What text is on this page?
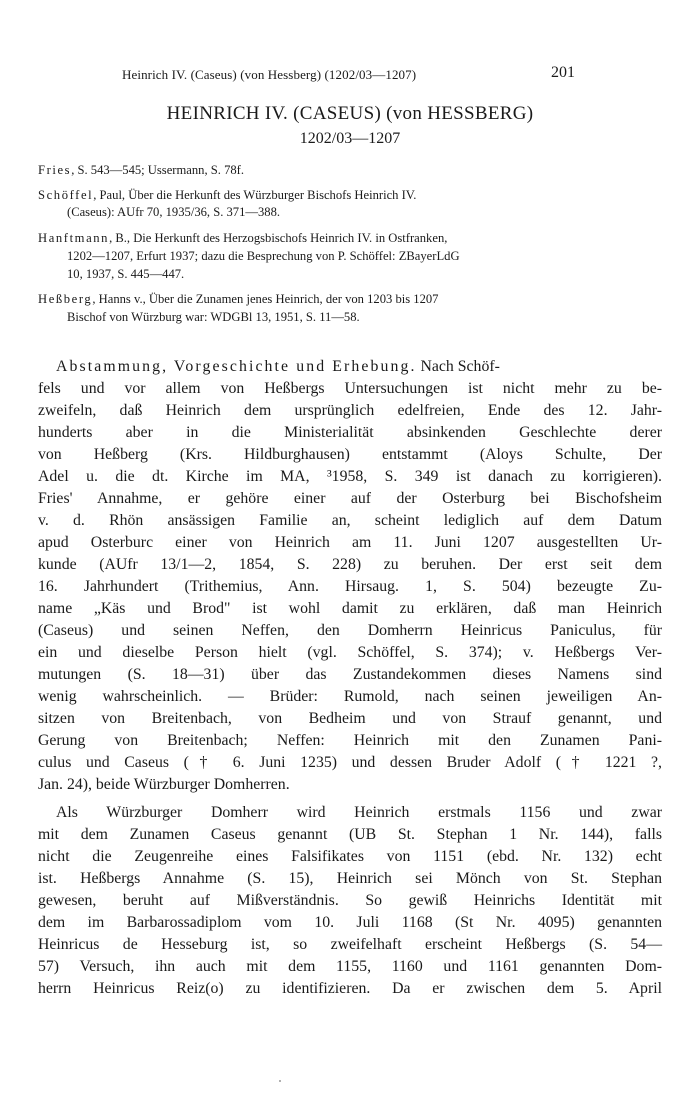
Heinrich IV. (Caseus) (von Hessberg) (1202/03—1207)	201
HEINRICH IV. (CASEUS) (von HESSBERG)
1202/03—1207
Fries, S. 543—545; Ussermann, S. 78f.
Schöffel, Paul, Über die Herkunft des Würzburger Bischofs Heinrich IV.
(Caseus): AUfr 70, 1935/36, S. 371—388.
Hanftmann, B., Die Herkunft des Herzogsbischofs Heinrich IV. in Ostfranken,
1202—1207, Erfurt 1937; dazu die Besprechung von P. Schöffel: ZBayerLdG
10, 1937, S. 445—447.
Heßberg, Hanns v., Über die Zunamen jenes Heinrich, der von 1203 bis 1207
Bischof von Würzburg war: WDGBl 13, 1951, S. 11—58.
Abstammung, Vorgeschichte und Erhebung. Nach Schöf-
fels und vor allem von Heßbergs Untersuchungen ist nicht mehr zu be-
zweifeln, daß Heinrich dem ursprünglich edelfreien, Ende des 12. Jahr-
hunderts aber in die Ministerialität absinkenden Geschlechte derer
von Heßberg (Krs. Hildburghausen) entstammt (Aloys Schulte, Der
Adel u. die dt. Kirche im MA, ³1958, S. 349 ist danach zu korrigieren).
Fries' Annahme, er gehöre einer auf der Osterburg bei Bischofsheim
v. d. Rhön ansässigen Familie an, scheint lediglich auf dem Datum
apud Osterburc einer von Heinrich am 11. Juni 1207 ausgestellten Ur-
kunde (AUfr 13/1—2, 1854, S. 228) zu beruhen. Der erst seit dem
16. Jahrhundert (Trithemius, Ann. Hirsaug. 1, S. 504) bezeugte Zu-
name „Käs und Brod" ist wohl damit zu erklären, daß man Heinrich
(Caseus) und seinen Neffen, den Domherrn Heinricus Paniculus, für
ein und dieselbe Person hielt (vgl. Schöffel, S. 374); v. Heßbergs Ver-
mutungen (S. 18—31) über das Zustandekommen dieses Namens sind
wenig wahrscheinlich. — Brüder: Rumold, nach seinen jeweiligen An-
sitzen von Breitenbach, von Bedheim und von Strauf genannt, und
Gerung von Breitenbach; Neffen: Heinrich mit den Zunamen Pani-
culus und Caseus († 6. Juni 1235) und dessen Bruder Adolf († 1221 ?,
Jan. 24), beide Würzburger Domherren.
Als Würzburger Domherr wird Heinrich erstmals 1156 und zwar
mit dem Zunamen Caseus genannt (UB St. Stephan 1 Nr. 144), falls
nicht die Zeugenreihe eines Falsifikates von 1151 (ebd. Nr. 132) echt
ist. Heßbergs Annahme (S. 15), Heinrich sei Mönch von St. Stephan
gewesen, beruht auf Mißverständnis. So gewiß Heinrichs Identität mit
dem im Barbarossadiplom vom 10. Juli 1168 (St Nr. 4095) genannten
Heinricus de Hesseburg ist, so zweifelhaft erscheint Heßbergs (S. 54—
57) Versuch, ihn auch mit dem 1155, 1160 und 1161 genannten Dom-
herrn Heinricus Reiz(o) zu identifizieren. Da er zwischen dem 5. April
